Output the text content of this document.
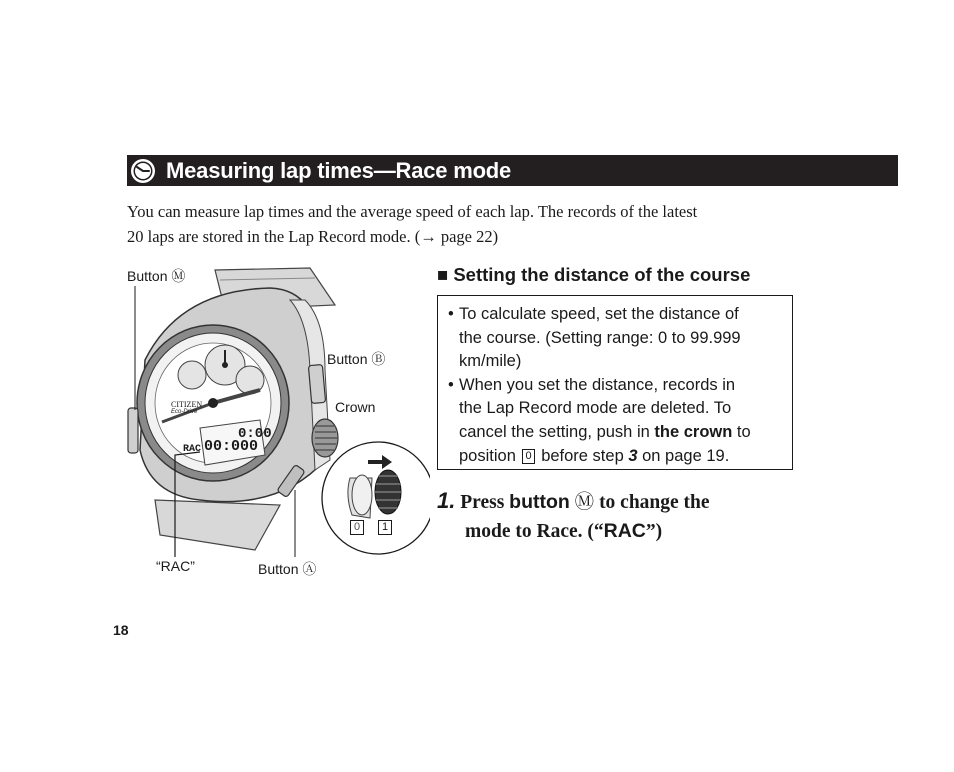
Measuring lap times—Race mode
You can measure lap times and the average speed of each lap. The records of the latest
20 laps are stored in the Lap Record mode. (→ page 22)
CITIZEN
Eco-Drive
0:00
00:000
RAC
Button Ⓜ
Button Ⓑ
Crown
“RAC”	Button Ⓐ
0	1
■ Setting the distance of the course
• To calculate speed, set the distance of
the course. (Setting range: 0 to 99.999
km/mile)
• When you set the distance, records in
the Lap Record mode are deleted. To
cancel the setting, push in the crown to
position 0 before step 3 on page 19.
1. Press button Ⓜ to change the
mode to Race. (“RAC”)
18
